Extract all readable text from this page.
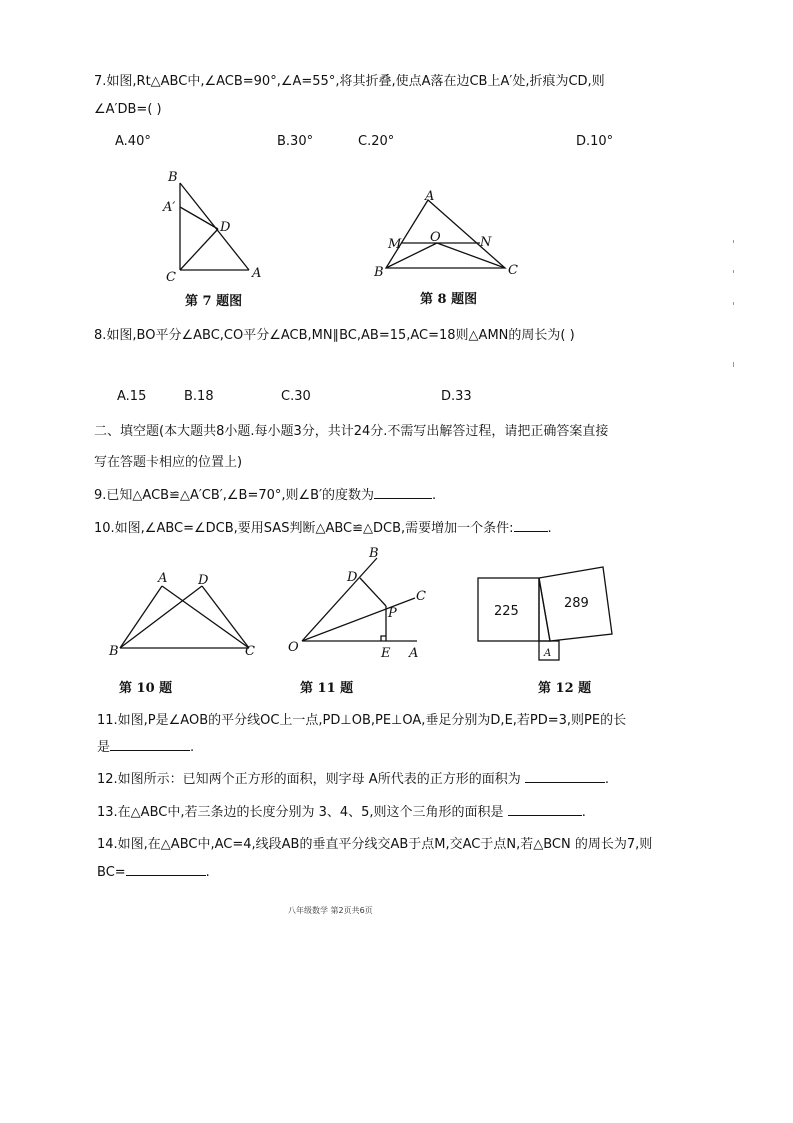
7.如图,Rt△ABC中,∠ACB=90°,∠A=55°,将其折叠,使点A落在边CB上A′处,折痕为CD,则
∠A′DB=( )
A.40°	B.30°	C.20°	D.10°
B
A′
D
C	A
第 7 题图
A
M O	N
B	C
第 8 题图
8.如图,BO平分∠ABC,CO平分∠ACB,MN∥BC,AB=15,AC=18则△AMN的周长为( )
A.15	B.18	C.30	D.33
二、填空题(本大题共8小题.每小题3分，共计24分.不需写出解答过程，请把正确答案直接
写在答题卡相应的位置上)
9.已知△ACB≌△A′CB′,∠B=70°,则∠B′的度数为	.
10.如图,∠ABC=∠DCB,要用SAS判断△ABC≌△DCB,需要增加一个条件:	.
A D
B	C
第 10 题
B
D
C
P
O	E A
第 11 题
225
289
A
第 12 题
11.如图,P是∠AOB的平分线OC上一点,PD⊥OB,PE⊥OA,垂足分别为D,E,若PD=3,则PE的长
是	.
12.如图所示：已知两个正方形的面积，则字母 A所代表的正方形的面积为	.
13.在△ABC中,若三条边的长度分别为 3、4、5,则这个三角形的面积是	.
14.如图,在△ABC中,AC=4,线段AB的垂直平分线交AB于点M,交AC于点N,若△BCN 的周长为7,则
BC=	.
八年级数学 第2页共6页
